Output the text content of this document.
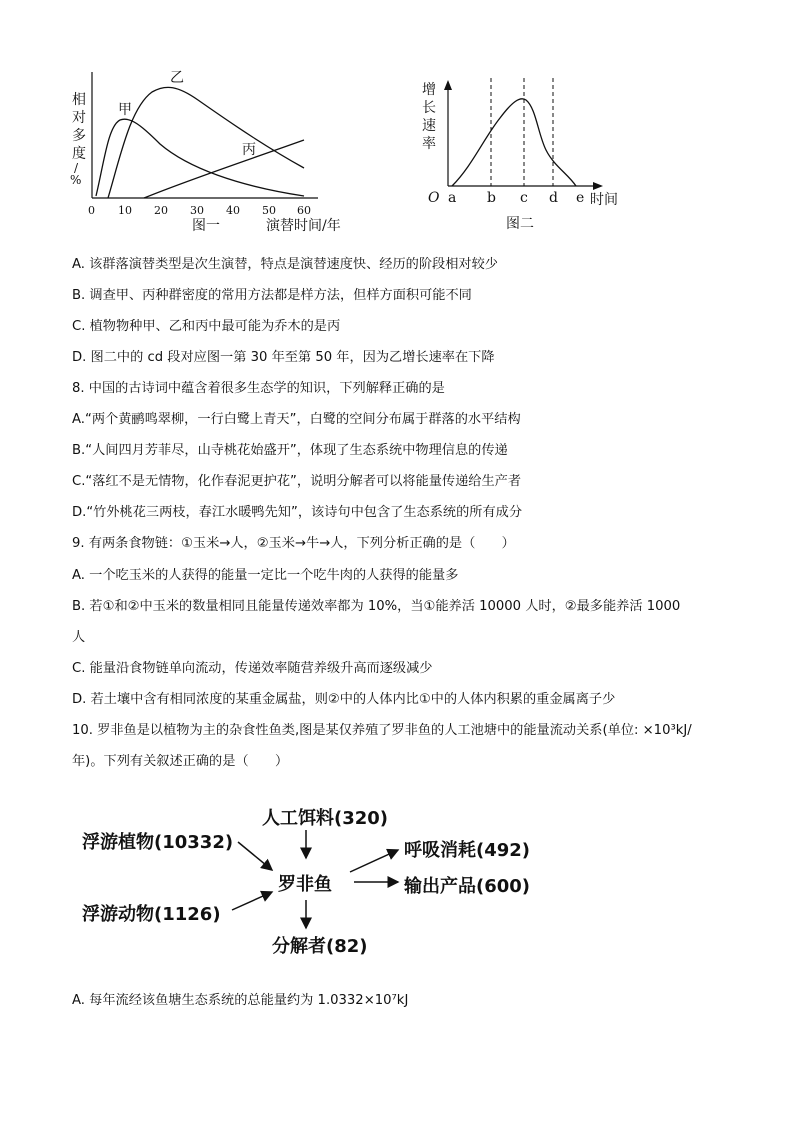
相
对
多
度
/
%
甲
乙
丙
0 10 20 30 40 50 60
图一	演替时间/年
增
长
速
率
O a b c d e 时间
图二
A. 该群落演替类型是次生演替，特点是演替速度快、经历的阶段相对较少
B. 调查甲、丙种群密度的常用方法都是样方法，但样方面积可能不同
C. 植物物种甲、乙和丙中最可能为乔木的是丙
D. 图二中的 cd 段对应图一第 30 年至第 50 年，因为乙增长速率在下降
8. 中国的古诗词中蕴含着很多生态学的知识，下列解释正确的是
A.“两个黄鹂鸣翠柳，一行白鹭上青天”，白鹭的空间分布属于群落的水平结构
B.“人间四月芳菲尽，山寺桃花始盛开”，体现了生态系统中物理信息的传递
C.“落红不是无情物，化作春泥更护花”，说明分解者可以将能量传递给生产者
D.“竹外桃花三两枝，春江水暖鸭先知”，该诗句中包含了生态系统的所有成分
9. 有两条食物链：①玉米→人，②玉米→牛→人，下列分析正确的是（　　）
A. 一个吃玉米的人获得的能量一定比一个吃牛肉的人获得的能量多
B. 若①和②中玉米的数量相同且能量传递效率都为 10%，当①能养活 10000 人时，②最多能养活 1000
人
C. 能量沿食物链单向流动，传递效率随营养级升高而逐级减少
D. 若土壤中含有相同浓度的某重金属盐，则②中的人体内比①中的人体内积累的重金属离子少
10. 罗非鱼是以植物为主的杂食性鱼类,图是某仅养殖了罗非鱼的人工池塘中的能量流动关系(单位: ×10³kJ/
年)。下列有关叙述正确的是（　　）
人工饵料(320)
浮游植物(10332)
罗非鱼
浮游动物(1126)
呼吸消耗(492)
输出产品(600)
分解者(82)
A. 每年流经该鱼塘生态系统的总能量约为 1.0332×10⁷kJ
